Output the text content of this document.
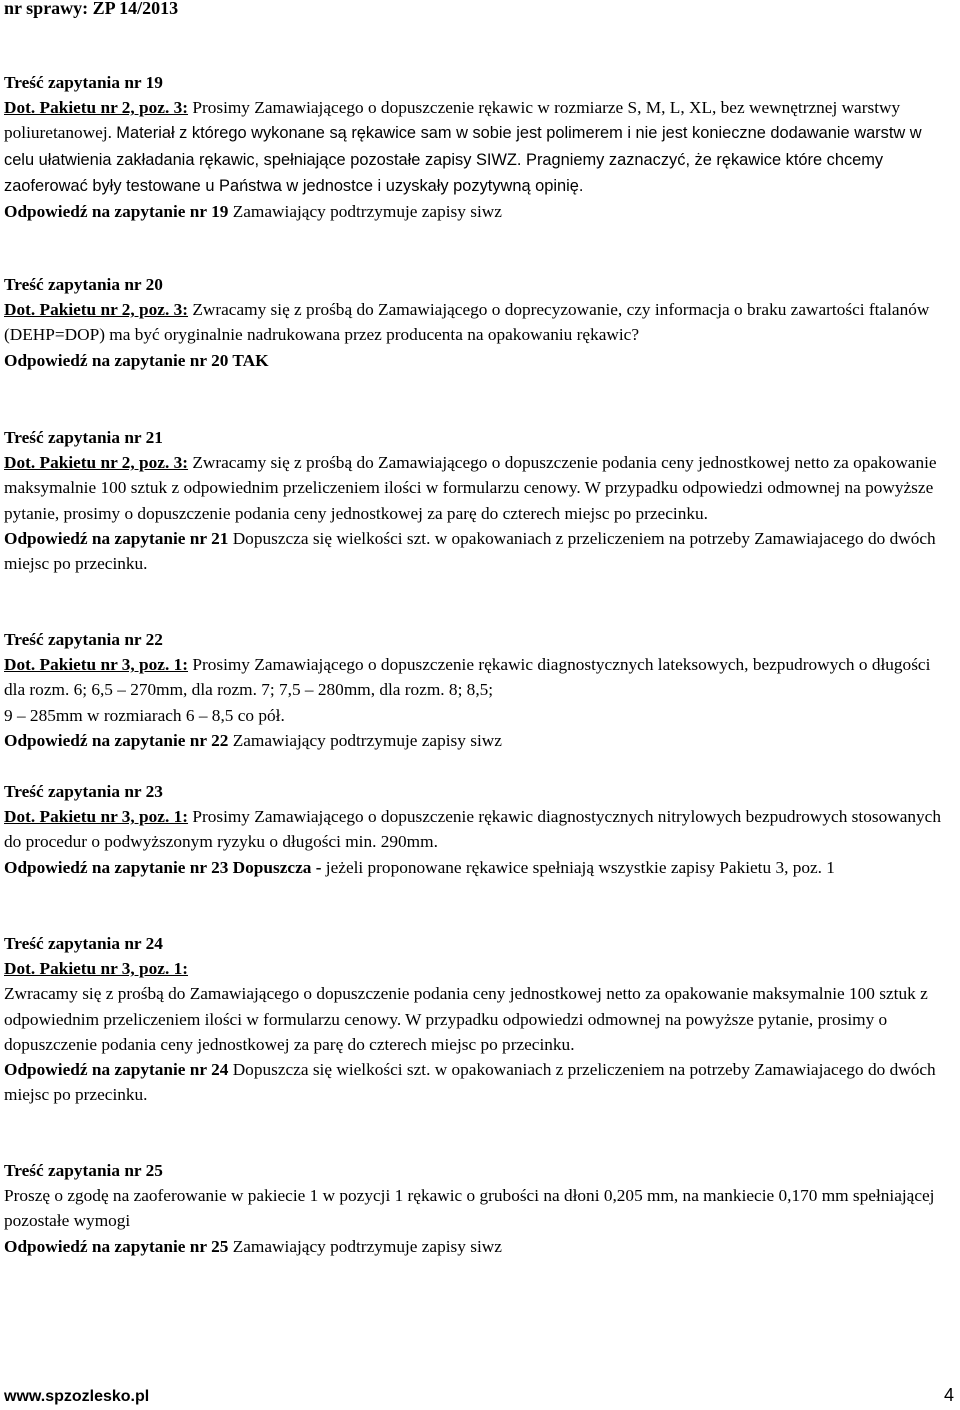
nr sprawy: ZP 14/2013
Treść zapytania nr 19

Dot. Pakietu nr 2, poz. 3: Prosimy Zamawiającego o dopuszczenie rękawic w rozmiarze S, M, L, XL, bez wewnętrznej warstwy poliuretanowej. Materiał z którego wykonane są rękawice sam w sobie jest polimerem i nie jest konieczne dodawanie warstw w celu ułatwienia zakładania rękawic, spełniające pozostałe zapisy SIWZ. Pragniemy zaznaczyć, że rękawice które chcemy zaoferować były testowane u Państwa w jednostce i uzyskały pozytywną opinię.

Odpowiedź na zapytanie nr 19 Zamawiający podtrzymuje zapisy siwz

Treść zapytania nr 20

Dot. Pakietu nr 2, poz. 3: Zwracamy się z prośbą do Zamawiającego o doprecyzowanie, czy informacja o braku zawartości ftalanów (DEHP=DOP) ma być oryginalnie nadrukowana przez producenta na opakowaniu rękawic?

Odpowiedź na zapytanie nr 20 TAK

Treść zapytania nr 21

Dot. Pakietu nr 2, poz. 3: Zwracamy się z prośbą do Zamawiającego o dopuszczenie podania ceny jednostkowej netto za opakowanie maksymalnie 100 sztuk z odpowiednim przeliczeniem ilości w formularzu cenowy. W przypadku odpowiedzi odmownej na powyższe pytanie, prosimy o dopuszczenie podania ceny jednostkowej za parę do czterech miejsc po przecinku.

Odpowiedź na zapytanie nr 21 Dopuszcza się wielkości szt. w opakowaniach z przeliczeniem na potrzeby Zamawiajacego do dwóch miejsc po przecinku.

Treść zapytania nr 22

Dot. Pakietu nr 3, poz. 1: Prosimy Zamawiającego o dopuszczenie rękawic diagnostycznych lateksowych, bezpudrowych o długości dla rozm. 6; 6,5 – 270mm, dla rozm. 7; 7,5 – 280mm, dla rozm. 8; 8,5;
9 – 285mm w rozmiarach 6 – 8,5 co pół.

Odpowiedź na zapytanie nr 22 Zamawiający podtrzymuje zapisy siwz

Treść zapytania nr 23

Dot. Pakietu nr 3, poz. 1: Prosimy Zamawiającego o dopuszczenie rękawic diagnostycznych nitrylowych bezpudrowych stosowanych do procedur o podwyższonym ryzyku o długości min. 290mm.

Odpowiedź na zapytanie nr 23 Dopuszcza - jeżeli proponowane rękawice spełniają wszystkie zapisy Pakietu 3, poz. 1

Treść zapytania nr 24
Dot. Pakietu nr 3, poz. 1:

Zwracamy się z prośbą do Zamawiającego o dopuszczenie podania ceny jednostkowej netto za opakowanie maksymalnie 100 sztuk z odpowiednim przeliczeniem ilości w formularzu cenowy. W przypadku odpowiedzi odmownej na powyższe pytanie, prosimy o dopuszczenie podania ceny jednostkowej za parę do czterech miejsc po przecinku.

Odpowiedź na zapytanie nr 24 Dopuszcza się wielkości szt. w opakowaniach z przeliczeniem na potrzeby Zamawiajacego do dwóch miejsc po przecinku.

Treść zapytania nr 25

Proszę o zgodę na zaoferowanie w pakiecie 1 w pozycji 1 rękawic o grubości na dłoni 0,205 mm, na mankiecie 0,170 mm spełniającej pozostałe wymogi

Odpowiedź na zapytanie nr 25 Zamawiający podtrzymuje zapisy siwz

www.spzozlesko.pl	4
